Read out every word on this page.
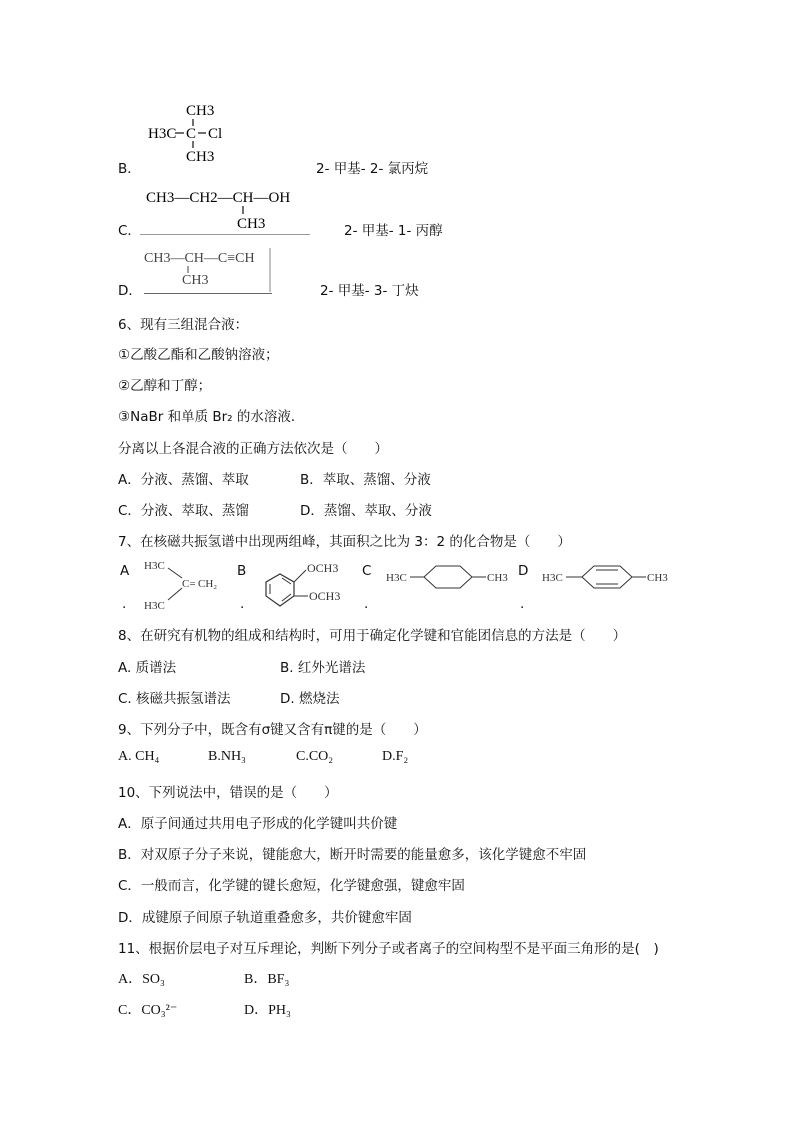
CH3
H3C C Cl
CH3
B．	2- 甲基- 2- 氯丙烷
CH3—CH2—CH—OH
CH3
C．	2- 甲基- 1- 丙醇
CH3—CH—C≡CH
CH3
D．	2- 甲基- 3- 丁炔
6、现有三组混合液：
①乙酸乙酯和乙酸钠溶液；
②乙醇和丁醇；
③NaBr 和单质 Br₂ 的水溶液．
分离以上各混合液的正确方法依次是（　　）
A．分液、蒸馏、萃取	B．萃取、蒸馏、分液
C．分液、萃取、蒸馏	D．蒸馏、萃取、分液
7、在核磁共振氢谱中出现两组峰，其面积之比为 3：2 的化合物是（　　）
A
.
H3C
C= CH₂
H3C
B
.
OCH3
OCH3
C
.
H3C	CH3 D
.
H3C	CH3
8、在研究有机物的组成和结构时，可用于确定化学键和官能团信息的方法是（　　）
A. 质谱法	B. 红外光谱法
C. 核磁共振氢谱法	D. 燃烧法
9、下列分子中，既含有σ键又含有π键的是（　　）
A. CH₄	B.NH₃	C.CO₂	D.F₂
10、下列说法中，错误的是（　　）
A．原子间通过共用电子形成的化学键叫共价键
B．对双原子分子来说，键能愈大，断开时需要的能量愈多，该化学键愈不牢固
C．一般而言，化学键的键长愈短，化学键愈强，键愈牢固
D．成键原子间原子轨道重叠愈多，共价键愈牢固
11、根据价层电子对互斥理论，判断下列分子或者离子的空间构型不是平面三角形的是(　)
A．SO₃	B．BF₃
C．CO₃²⁻	D．PH₃
